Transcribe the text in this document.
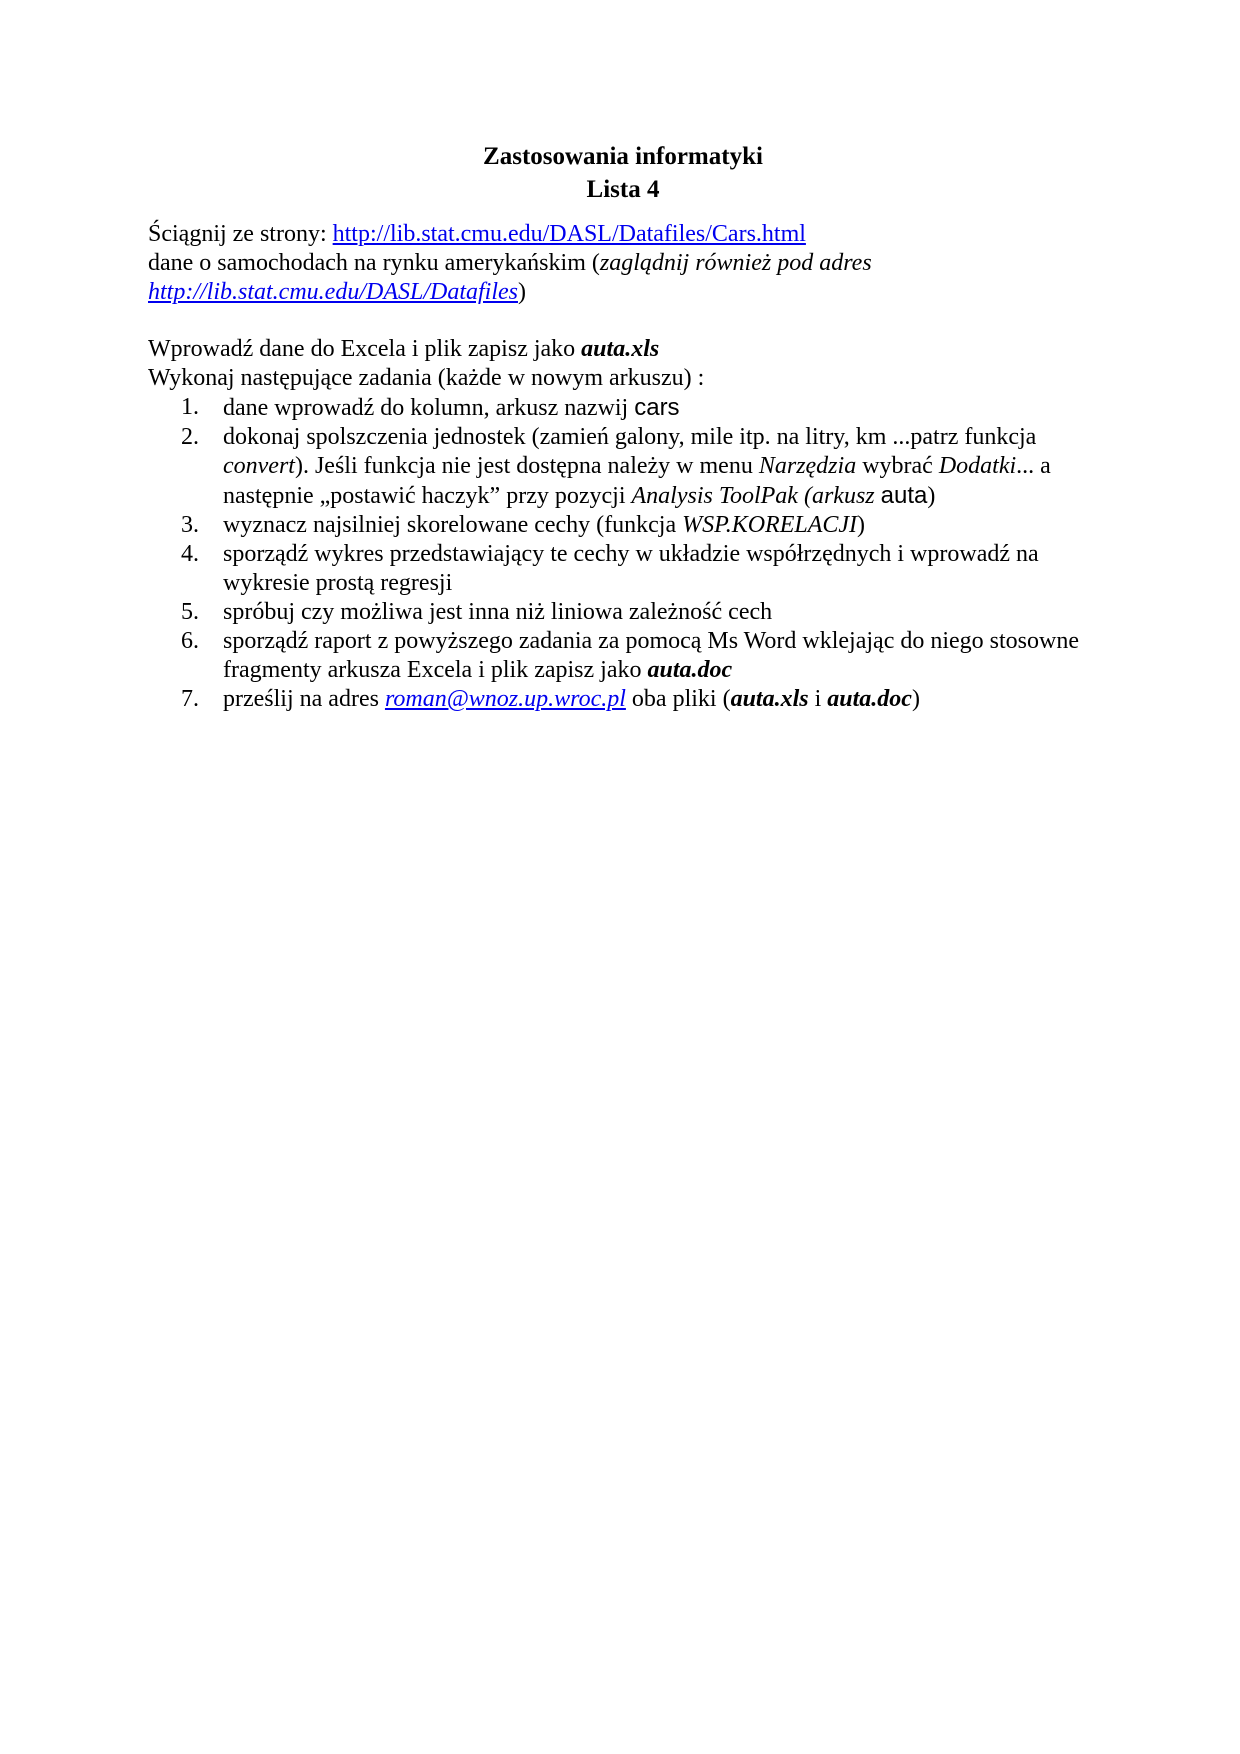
Zastosowania informatyki
Lista 4

Ściągnij ze strony: http://lib.stat.cmu.edu/DASL/Datafiles/Cars.html

dane o samochodach na rynku amerykańskim (zaglądnij również pod adres

http://lib.stat.cmu.edu/DASL/Datafiles)

Wprowadź dane do Excela i plik zapisz jako auta.xls

Wykonaj następujące zadania (każde w nowym arkuszu) :

1. dane wprowadź do kolumn, arkusz nazwij cars
2. dokonaj spolszczenia jednostek (zamień galony, mile itp. na litry, km ...patrz funkcja convert). Jeśli funkcja nie jest dostępna należy w menu Narzędzia wybrać Dodatki... a następnie „postawić haczyk” przy pozycji Analysis ToolPak (arkusz auta)
3. wyznacz najsilniej skorelowane cechy (funkcja WSP.KORELACJI)
4. sporządź wykres przedstawiający te cechy w układzie współrzędnych i wprowadź na wykresie prostą regresji
5. spróbuj czy możliwa jest inna niż liniowa zależność cech
6. sporządź raport z powyższego zadania za pomocą Ms Word wklejając do niego stosowne fragmenty arkusza Excela i plik zapisz jako auta.doc
7. prześlij na adres roman@wnoz.up.wroc.pl oba pliki (auta.xls i auta.doc)
